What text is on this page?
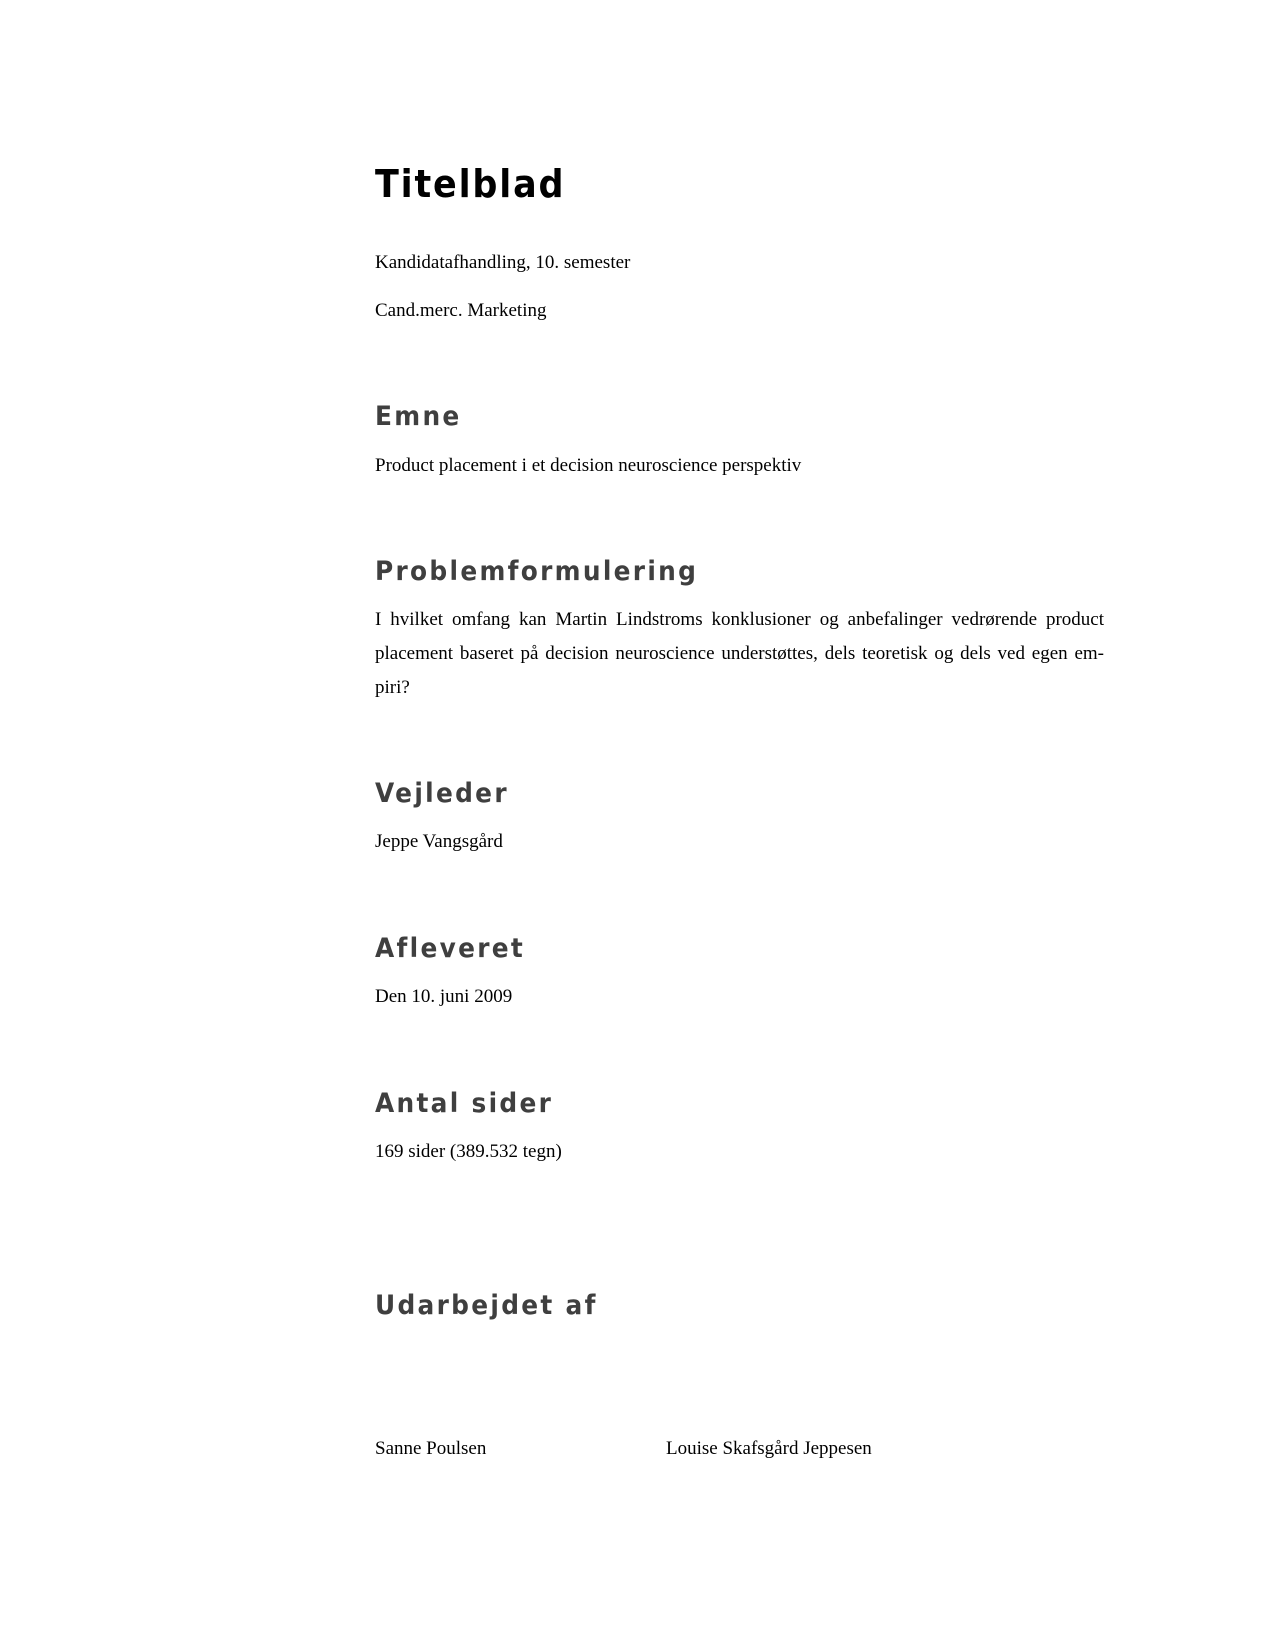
Titelblad

Kandidatafhandling, 10. semester

Cand.merc. Marketing

Emne

Product placement i et decision neuroscience perspektiv

Problemformulering
I hvilket omfang kan Martin Lindstroms konklusioner og anbefalinger vedrørende product placement baseret på decision neuroscience understøttes, dels teoretisk og dels ved egen em- piri?
Vejleder

Jeppe Vangsgård

Afleveret

Den 10. juni 2009

Antal sider

169 sider (389.532 tegn)

Udarbejdet af

Sanne Poulsen	Louise Skafsgård Jeppesen
